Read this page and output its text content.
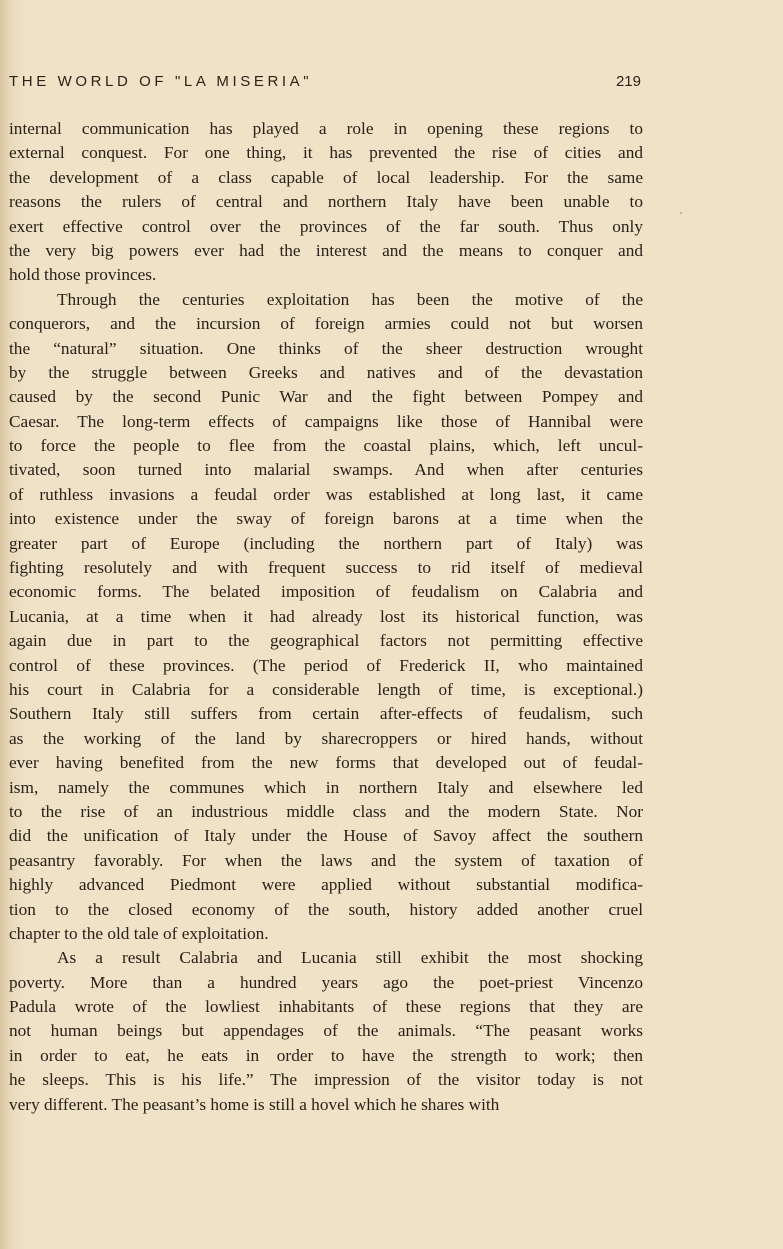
THE WORLD OF "LA MISERIA"	219

internal communication has played a role in opening these regions to
external conquest. For one thing, it has prevented the rise of cities and
the development of a class capable of local leadership. For the same
reasons the rulers of central and northern Italy have been unable to
exert effective control over the provinces of the far south. Thus only
the very big powers ever had the interest and the means to conquer and
hold those provinces.

Through the centuries exploitation has been the motive of the
conquerors, and the incursion of foreign armies could not but worsen
the “natural” situation. One thinks of the sheer destruction wrought
by the struggle between Greeks and natives and of the devastation
caused by the second Punic War and the fight between Pompey and
Caesar. The long-term effects of campaigns like those of Hannibal were
to force the people to flee from the coastal plains, which, left uncul-
tivated, soon turned into malarial swamps. And when after centuries
of ruthless invasions a feudal order was established at long last, it came
into existence under the sway of foreign barons at a time when the
greater part of Europe (including the northern part of Italy) was
fighting resolutely and with frequent success to rid itself of medieval
economic forms. The belated imposition of feudalism on Calabria and
Lucania, at a time when it had already lost its historical function, was
again due in part to the geographical factors not permitting effective
control of these provinces. (The period of Frederick II, who maintained
his court in Calabria for a considerable length of time, is exceptional.)
Southern Italy still suffers from certain after-effects of feudalism, such
as the working of the land by sharecroppers or hired hands, without
ever having benefited from the new forms that developed out of feudal-
ism, namely the communes which in northern Italy and elsewhere led
to the rise of an industrious middle class and the modern State. Nor
did the unification of Italy under the House of Savoy affect the southern
peasantry favorably. For when the laws and the system of taxation of
highly advanced Piedmont were applied without substantial modifica-
tion to the closed economy of the south, history added another cruel
chapter to the old tale of exploitation.

As a result Calabria and Lucania still exhibit the most shocking
poverty. More than a hundred years ago the poet-priest Vincenzo
Padula wrote of the lowliest inhabitants of these regions that they are
not human beings but appendages of the animals. “The peasant works
in order to eat, he eats in order to have the strength to work; then
he sleeps. This is his life.” The impression of the visitor today is not
very different. The peasant’s home is still a hovel which he shares with
